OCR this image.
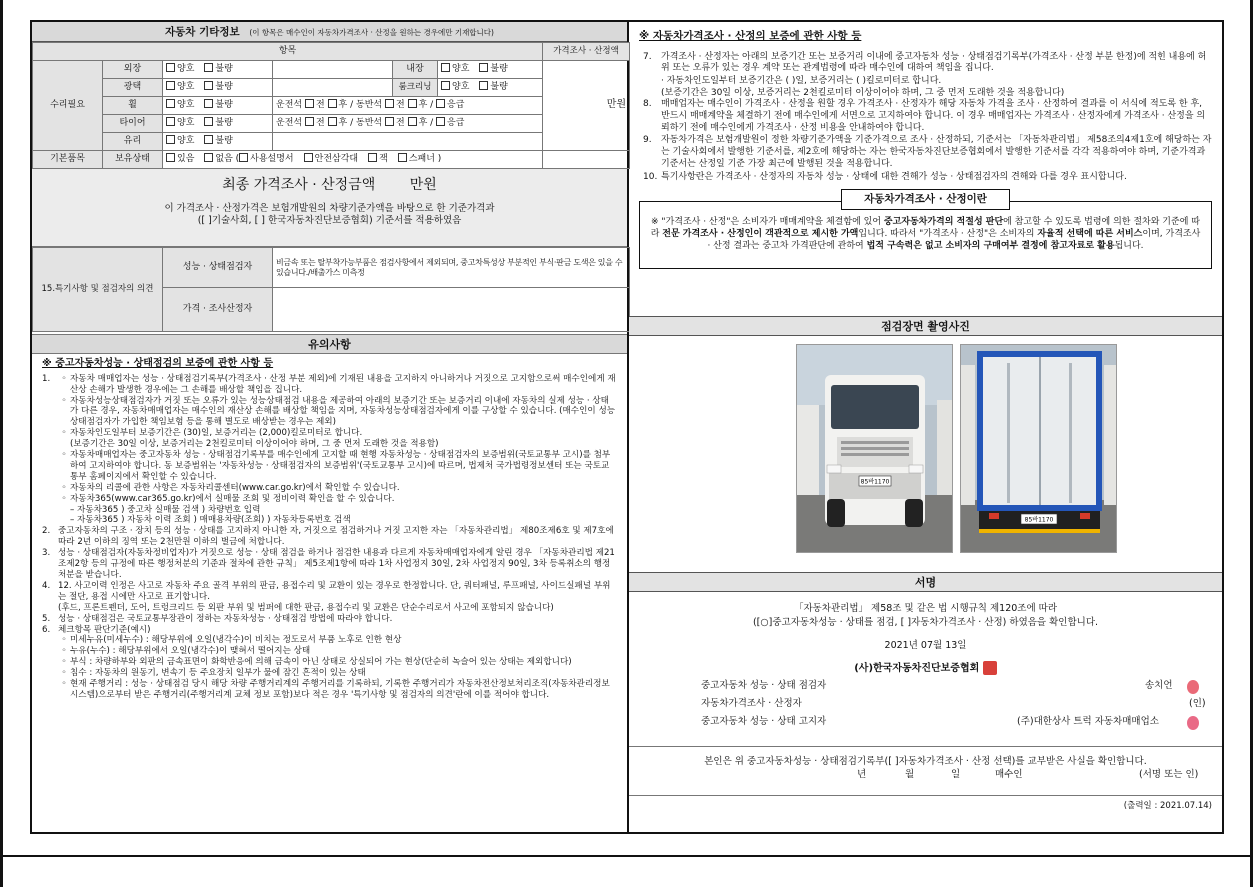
자동차 기타정보 (이 항목은 매수인이 자동차가격조사 · 산정을 원하는 경우에만 기재합니다)
항목						가격조사 · 산정액
수리필요	외장	양호 불량		내장	양호 불량	만원
	광택	양호 불량		룸크리닝	양호 불량	
	휠	양호 불량	운전석 전 후 / 동반석 전 후 / 응급			
	타이어	양호 불량	운전석 전 후 / 동반석 전 후 / 응급			
	유리	양호 불량				
기본품목	보유상태	있음 없음 ( 사용설명서 안전삼각대 잭 스패너 )				
최종 가격조사 · 산정금액 만원
이 가격조사 · 산정가격은 보험개발원의 차량기준가액을 바탕으로 한 기준가격과
([ ]기술사회, [ ] 한국자동차진단보증협회) 기준서를 적용하였음
15.특기사항 및 점검자의 의견	성능 · 상태점검자	비금속 또는 탈부착가능부품은 점검사항에서 제외되며, 중고차특성상 부분적인 부식·판금 도색은 있을 수 있습니다./배출가스 미측정
	가격 · 조사산정자	
유의사항
※ 중고자동차성능 · 상태점검의 보증에 관한 사항 등
1.	◦ 자동차 매매업자는 성능 · 상태점검기록부(가격조사 · 산정 부분 제외)에 기재된 내용을 고지하지 아니하거나 거짓으로 고지함으로써 매수인에게 재산상 손해가 발생한 경우에는 그 손해를 배상할 책임을 집니다.
◦ 자동차성능상태점검자가 거짓 또는 오류가 있는 성능상태점검 내용을 제공하여 아래의 보증기간 또는 보증거리 이내에 자동차의 실제 성능 · 상태가 다른 경우, 자동차매매업자는 매수인의 재산상 손해를 배상할 책임을 지며, 자동차성능상태점검자에게 이를 구상할 수 있습니다. (매수인이 성능상태점검자가 가입한 책임보험 등을 통해 별도로 배상받는 경우는 제외)
◦ 자동차인도일부터 보증기간은 (30)일, 보증거리는 (2,000)킬로미터로 합니다.
(보증기간은 30일 이상, 보증거리는 2천킬로미터 이상이어야 하며, 그 중 먼저 도래한 것을 적용함)
◦ 자동차매매업자는 중고자동차 성능 · 상태점검기록부를 매수인에게 고지할 때 현행 자동차성능 · 상태점검자의 보증범위(국토교통부 고시)를 첨부하여 고지하여야 합니다. 동 보증범위는 '자동차성능 · 상태점검자의 보증범위'(국토교통부 고시)에 따르며, 법제처 국가법령정보센터 또는 국토교통부 홈페이지에서 확인할 수 있습니다.
◦ 자동차의 리콜에 관한 사항은 자동차리콜센터(www.car.go.kr)에서 확인할 수 있습니다.
◦ 자동차365(www.car365.go.kr)에서 실매물 조회 및 정비이력 확인을 할 수 있습니다.
– 자동차365 ) 중고차 실매물 검색 ) 차량번호 입력
– 자동차365 ) 자동차 이력 조회 ) 매매용차량(조회) ) 자동차등록번호 검색
2. 중고자동차의 구조 · 장치 등의 성능 · 상태를 고지하지 아니한 자, 거짓으로 점검하거나 거짓 고지한 자는 「자동차관리법」 제80조제6호 및 제7호에 따라 2년 이하의 징역 또는 2천만원 이하의 벌금에 처합니다.
3. 성능 · 상태점검자(자동차정비업자)가 거짓으로 성능 · 상태 점검을 하거나 점검한 내용과 다르게 자동차매매업자에게 알린 경우 「자동차관리법 제21조제2항 등의 규정에 따른 행정처분의 기준과 절차에 관한 규칙」 제5조제1항에 따라 1차 사업정지 30일, 2차 사업정지 90일, 3차 등록취소의 행정처분을 받습니다.
4. 12. 사고이력 인정은 사고로 자동차 주요 골격 부위의 판금, 용접수리 및 교환이 있는 경우로 한정합니다. 단, 쿼터패널, 루프패널, 사이드실패널 부위는 절단, 용접 시에만 사고로 표기합니다.
(후드, 프론트펜더, 도어, 트렁크리드 등 외판 부위 및 범퍼에 대한 판금, 용접수리 및 교환은 단순수리로서 사고에 포함되지 않습니다)
5. 성능 · 상태점검은 국토교통부장관이 정하는 자동차성능 · 상태점검 방법에 따라야 합니다.
6. 체크항목 판단기준(예시)
◦ 미세누유(미세누수) : 해당부위에 오일(냉각수)이 비치는 정도로서 부품 노후로 인한 현상
◦ 누유(누수) : 해당부위에서 오일(냉각수)이 맺혀서 떨어지는 상태
◦ 부식 : 차량하부와 외판의 금속표면이 화학반응에 의해 금속이 아닌 상태로 상실되어 가는 현상(단순히 녹슬어 있는 상태는 제외합니다)
◦ 침수 : 자동차의 원동기, 변속기 등 주요장치 일부가 물에 잠긴 흔적이 있는 상태
◦ 현재 주행거리 : 성능 · 상태점검 당시 해당 차량 주행거리계의 주행거리를 기록하되, 기록한 주행거리가 자동차전산정보처리조직(자동차관리정보시스템)으로부터 받은 주행거리(주행거리계 교체 정보 포함)보다 적은 경우 '특기사항 및 점검자의 의견'란에 이를 적어야 합니다.
※ 자동차가격조사 · 산정의 보증에 관한 사항 등
7.	가격조사 · 산정자는 아래의 보증기간 또는 보증거리 이내에 중고자동차 성능 · 상태점검기록부(가격조사 · 산정 부분 한정)에 적힌 내용에 허위 또는 오류가 있는 경우 계약 또는 관계법령에 따라 매수인에 대하여 책임을 집니다.
· 자동차인도일부터 보증기간은 ( )일, 보증거리는 ( )킬로미터로 합니다.
(보증기간은 30일 이상, 보증거리는 2천킬로미터 이상이어야 하며, 그 중 먼저 도래한 것을 적용합니다)
8.	매매업자는 매수인이 가격조사 · 산정을 원할 경우 가격조사 · 산정자가 해당 자동차 가격을 조사 · 산정하여 결과를 이 서식에 적도록 한 후, 반드시 매매계약을 체결하기 전에 매수인에게 서면으로 고지하여야 합니다. 이 경우 매매업자는 가격조사 · 산정자에게 가격조사 · 산정을 의뢰하기 전에 매수인에게 가격조사 · 산정 비용을 안내하여야 합니다.
9.	자동차가격은 보험개발원이 정한 차량기준가액을 기준가격으로 조사 · 산정하되, 기준서는 「자동차관리법」 제58조의4제1호에 해당하는 자는 기술사회에서 발행한 기준서를, 제2호에 해당하는 자는 한국자동차진단보증협회에서 발행한 기준서를 각각 적용하여야 하며, 기준가격과 기준서는 산정일 기준 가장 최근에 발행된 것을 적용합니다.
10. 특기사항란은 가격조사 · 산정자의 자동차 성능 · 상태에 대한 견해가 성능 · 상태점검자의 견해와 다를 경우 표시합니다.
자동차가격조사 · 산정이란
※ "가격조사 · 산정"은 소비자가 매매계약을 체결함에 있어 중고자동차가격의 적절성 판단에 참고할 수 있도록 법령에 의한 절차와 기준에 따라 전문 가격조사 · 산정인이 객관적으로 제시한 가액입니다. 따라서 "가격조사 · 산정"은 소비자의 자율적 선택에 따른 서비스이며, 가격조사 · 산정 결과는 중고차 가격판단에 관하여 법적 구속력은 없고 소비자의 구매여부 결정에 참고자료로 활용됩니다.
점검장면 촬영사진
85바1170
85바1170
서명
「자동차관리법」 제58조 및 같은 법 시행규칙 제120조에 따라
([○]중고자동차성능 · 상태를 점검, [ ]자동차가격조사 · 산정) 하였음을 확인합니다.
2021년 07월 13일
(사)한국자동차진단보증협회
중고자동차 성능 · 상태 점검자	송치언
자동차가격조사 · 산정자	(인)
중고자동차 성능 · 상태 고지자	(주)대한상사 트럭 자동차매매업소
본인은 위 중고자동차성능 · 상태점검기록부([ ]자동차가격조사 · 산정 선택)를 교부받은 사실을 확인합니다.
년	월	일	매수인	(서명 또는 인)
(출력일 : 2021.07.14)
